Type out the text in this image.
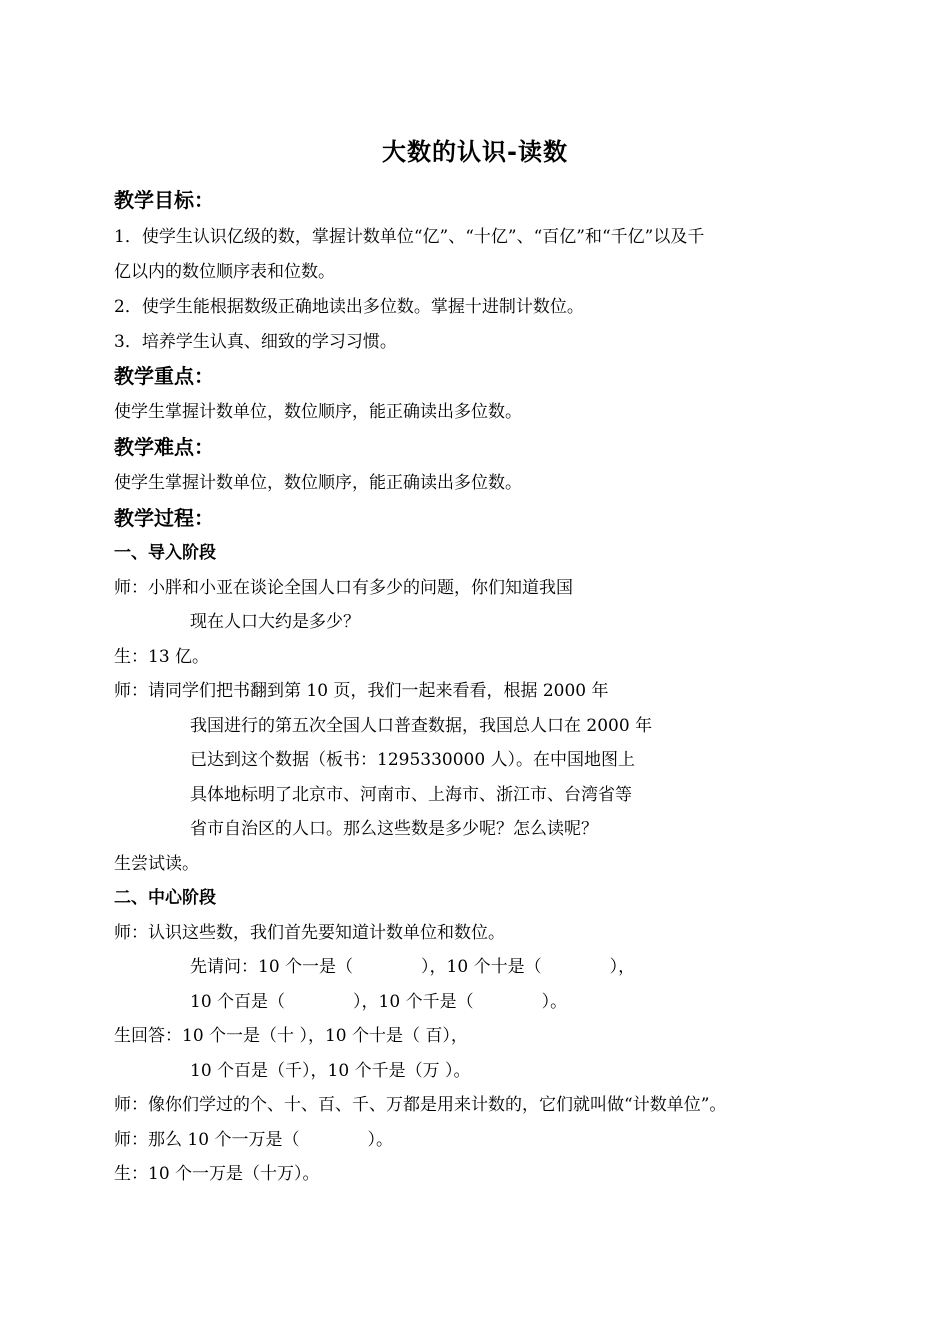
大数的认识-读数
教学目标：
1．使学生认识亿级的数，掌握计数单位“亿”、“十亿”、“百亿”和“千亿”以及千
亿以内的数位顺序表和位数。
2．使学生能根据数级正确地读出多位数。掌握十进制计数位。
3．培养学生认真、细致的学习习惯。
教学重点：
使学生掌握计数单位，数位顺序，能正确读出多位数。
教学难点：
使学生掌握计数单位，数位顺序，能正确读出多位数。
教学过程：
一、导入阶段
师：小胖和小亚在谈论全国人口有多少的问题，你们知道我国
现在人口大约是多少？
生：13 亿。
师：请同学们把书翻到第 10 页，我们一起来看看，根据 2000 年
我国进行的第五次全国人口普查数据，我国总人口在 2000 年
已达到这个数据（板书：1295330000 人）。在中国地图上
具体地标明了北京市、河南市、上海市、浙江市、台湾省等
省市自治区的人口。那么这些数是多少呢？怎么读呢？
生尝试读。
二、中心阶段
师：认识这些数，我们首先要知道计数单位和数位。
先请问：10 个一是（　　　　），10 个十是（　　　　），
10 个百是（　　　　），10 个千是（　　　　）。
生回答：10 个一是（十 ），10 个十是（ 百），
10 个百是（千），10 个千是（万 ）。
师：像你们学过的个、十、百、千、万都是用来计数的，它们就叫做“计数单位”。
师：那么 10 个一万是（　　　　）。
生：10 个一万是（十万）。
